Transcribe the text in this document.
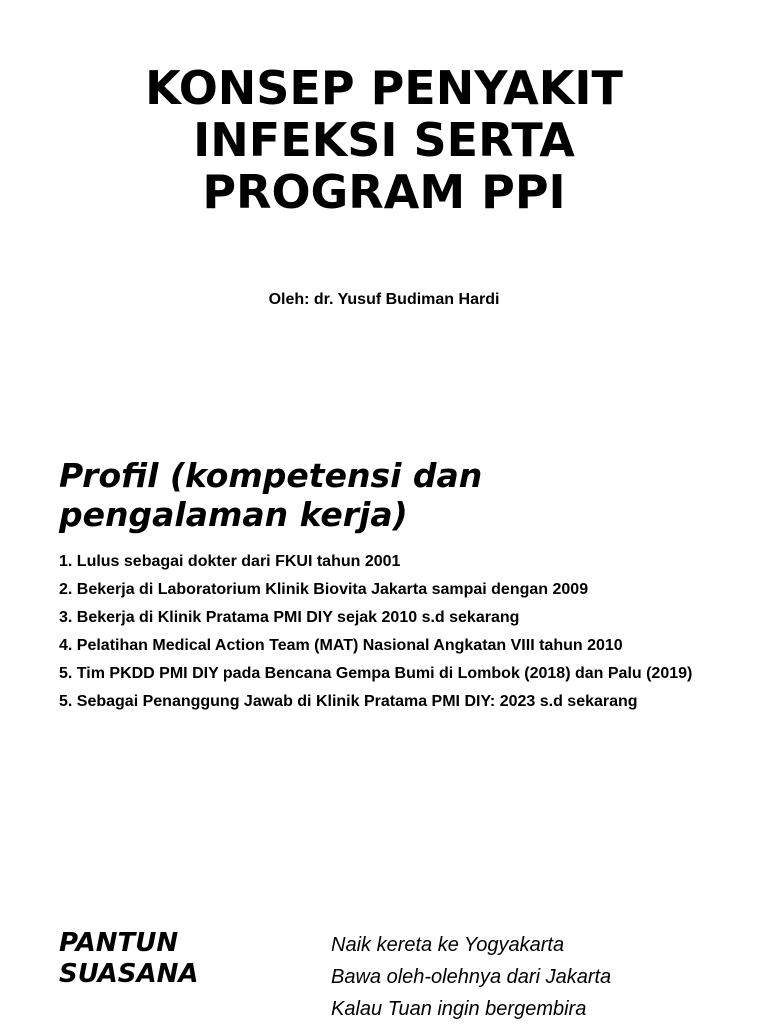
KONSEP PENYAKIT
INFEKSI SERTA
PROGRAM PPI
Oleh: dr. Yusuf Budiman Hardi
Profil (kompetensi dan
pengalaman kerja)
1. Lulus sebagai dokter dari FKUI tahun 2001
2. Bekerja di Laboratorium Klinik Biovita Jakarta sampai dengan 2009
3. Bekerja di Klinik Pratama PMI DIY sejak 2010 s.d sekarang
4. Pelatihan Medical Action Team (MAT) Nasional Angkatan VIII tahun 2010
5. Tim PKDD PMI DIY pada Bencana Gempa Bumi di Lombok (2018) dan Palu (2019)
5. Sebagai Penanggung Jawab di Klinik Pratama PMI DIY: 2023 s.d sekarang
PANTUN
SUASANA
Naik kereta ke Yogyakarta
Bawa oleh-olehnya dari Jakarta
Kalau Tuan ingin bergembira
